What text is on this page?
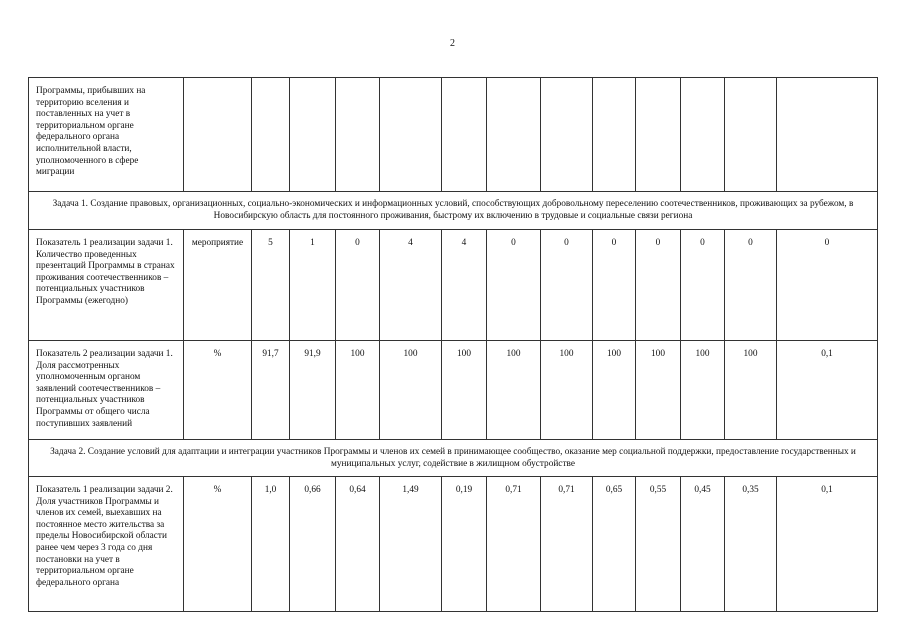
2
Программы, прибывших на территорию вселения и поставленных на учет в территориальном органе федерального органа исполнительной власти, уполномоченного в сфере миграции													
Задача 1. Создание правовых, организационных, социально-экономических и информационных условий, способствующих добровольному переселению соотечественников, проживающих за рубежом, в Новосибирскую область для постоянного проживания, быстрому их включению в трудовые и социальные связи региона													
Показатель 1 реализации задачи 1. Количество проведенных презентаций Программы в странах проживания соотечественников – потенциальных участников Программы (ежегодно)	мероприятие	5	1	0	4	4	0	0	0	0	0	0	0
Показатель 2 реализации задачи 1. Доля рассмотренных уполномоченным органом заявлений соотечественников – потенциальных участников Программы от общего числа поступивших заявлений	%	91,7	91,9	100	100	100	100	100	100	100	100	100	0,1
Задача 2. Создание условий для адаптации и интеграции участников Программы и членов их семей в принимающее сообщество, оказание мер социальной поддержки, предоставление государственных и муниципальных услуг, содействие в жилищном обустройстве													
Показатель 1 реализации задачи 2. Доля участников Программы и членов их семей, выехавших на постоянное место жительства за пределы Новосибирской области ранее чем через 3 года со дня постановки на учет в территориальном органе федерального органа	%	1,0	0,66	0,64	1,49	0,19	0,71	0,71	0,65	0,55	0,45	0,35	0,1
